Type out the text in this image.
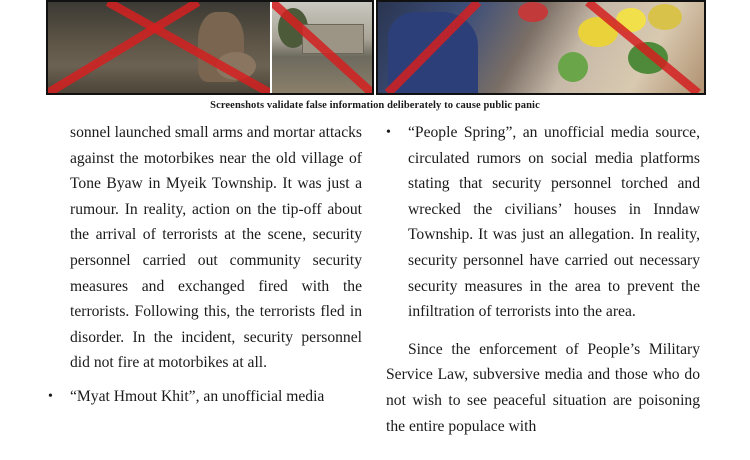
Screenshots validate false information deliberately to cause public panic

sonnel launched small arms and mortar attacks against the motorbikes near the old village of Tone Byaw in Myeik Township. It was just a rumour. In reality, action on the tip-off about the arrival of terrorists at the scene, security personnel carried out community security measures and exchanged fired with the terrorists. Following this, the terrorists fled in disorder. In the incident, security personnel did not fire at motorbikes at all.

• “Myat Hmout Khit”, an unofficial media

• “People Spring”, an unofficial media source, circulated rumors on social media platforms stating that security personnel torched and wrecked the civilians’ houses in Inndaw Township. It was just an allegation. In reality, security personnel have carried out necessary security measures in the area to prevent the infiltration of terrorists into the area.

Since the enforcement of People’s Military Service Law, subversive media and those who do not wish to see peaceful situation are poisoning the entire populace with
